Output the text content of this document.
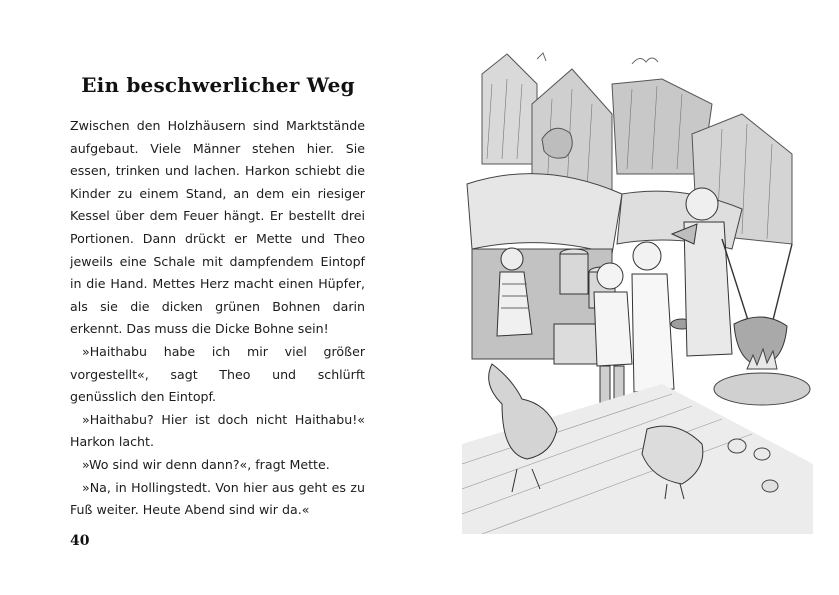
Ein beschwerlicher Weg

Zwischen den Holzhäusern sind Marktstände aufgebaut. Viele Männer stehen hier. Sie essen, trinken und lachen. Harkon schiebt die Kinder zu einem Stand, an dem ein riesiger Kessel über dem Feuer hängt. Er bestellt drei Portionen. Dann drückt er Mette und Theo jeweils eine Schale mit dampfendem Eintopf in die Hand. Mettes Herz macht einen Hüpfer, als sie die dicken grünen Bohnen darin erkennt. Das muss die Dicke Bohne sein!

»Haithabu habe ich mir viel größer vorgestellt«, sagt Theo und schlürft genüsslich den Eintopf.

»Haithabu? Hier ist doch nicht Haithabu!« Harkon lacht.

»Wo sind wir denn dann?«, fragt Mette.

»Na, in Hollingstedt. Von hier aus geht es zu Fuß weiter. Heute Abend sind wir da.«

40
